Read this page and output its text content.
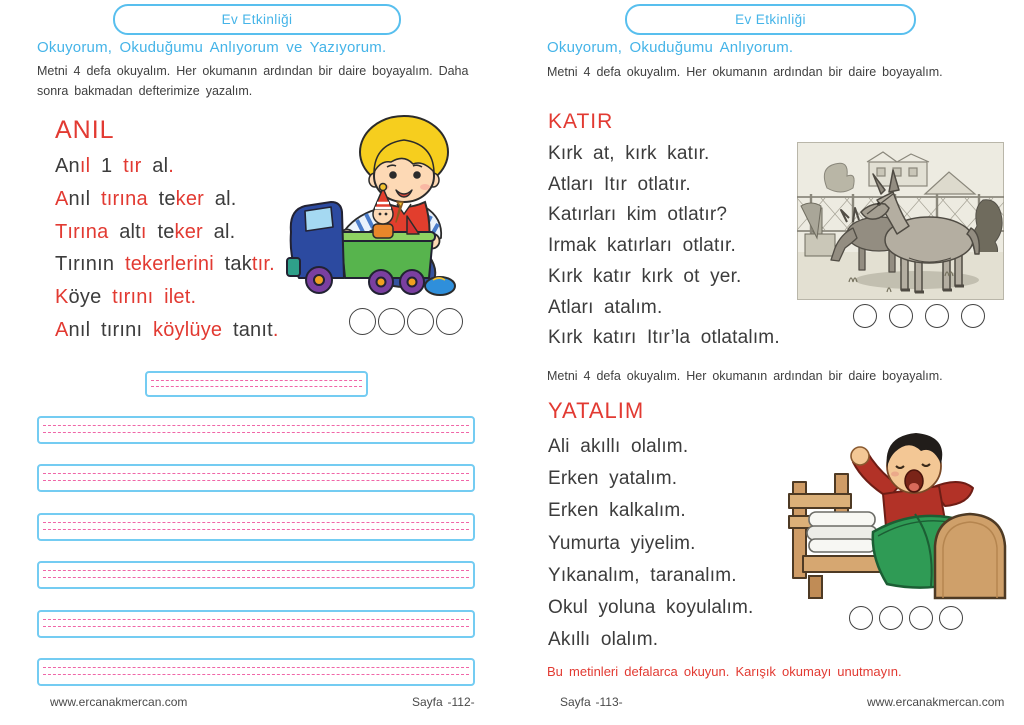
Ev Etkinliği
Okuyorum, Okuduğumu Anlıyorum ve Yazıyorum.

Metni 4 defa okuyalım. Her okumanın ardından bir daire boyayalım. Daha sonra bakmadan defterimize yazalım.

ANIL
Anıl 1 tır al.
Anıl tırına teker al.
Tırına altı teker al.
Tırının tekerlerini taktır.
Köye tırını ilet.
Anıl tırını köylüye tanıt.
www.ercanakmercan.com	Sayfa -112-
Ev Etkinliği
Okuyorum, Okuduğumu Anlıyorum.

Metni 4 defa okuyalım. Her okumanın ardından bir daire boyayalım.

KATIR
Kırk at, kırk katır.
Atları Itır otlatır.
Katırları kim otlatır?
Irmak katırları otlatır.
Kırk katır kırk ot yer.
Atları atalım.
Kırk katırı Itır’la otlatalım.

Metni 4 defa okuyalım. Her okumanın ardından bir daire boyayalım.

YATALIM
Ali akıllı olalım.
Erken yatalım.
Erken kalkalım.
Yumurta yiyelim.
Yıkanalım, taranalım.
Okul yoluna koyulalım.
Akıllı olalım.
Bu metinleri defalarca okuyun. Karışık okumayı unutmayın.
Sayfa -113-	www.ercanakmercan.com
